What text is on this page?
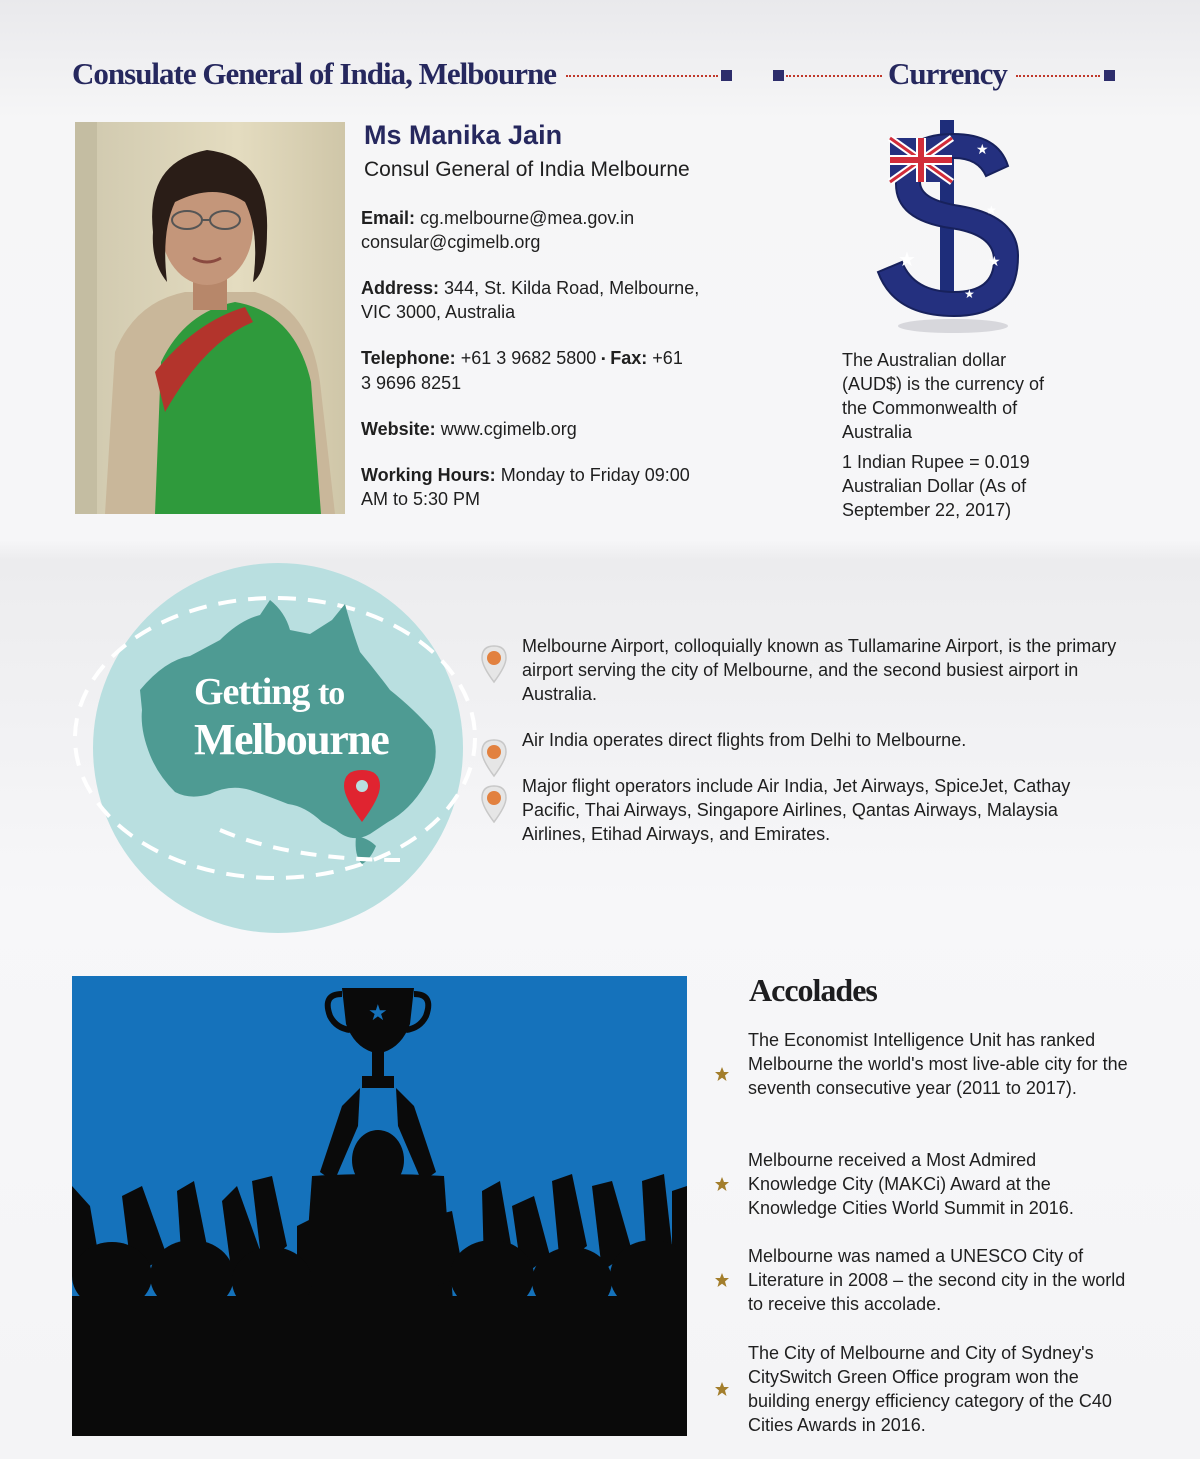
Consulate General of India, Melbourne	Currency
Ms Manika Jain
Consul General of India Melbourne

Email: cg.melbourne@mea.gov.in
consular@cgimelb.org

Address: 344, St. Kilda Road, Melbourne,
VIC 3000, Australia

Telephone: +61 3 9682 5800 ▪ Fax: +61
3 9696 8251

Website: www.cgimelb.org

Working Hours: Monday to Friday 09:00
AM to 5:30 PM

★
★
★
★
★
The Australian dollar (AUD$) is the currency of the Commonwealth of Australia
1 Indian Rupee = 0.019 Australian Dollar (As of September 22, 2017)
Getting to
Melbourne
Melbourne Airport, colloquially known as Tullamarine Airport, is the primary airport serving the city of Melbourne, and the second busiest airport in Australia.
Air India operates direct flights from Delhi to Melbourne.
Major flight operators include Air India, Jet Airways, SpiceJet, Cathay Pacific, Thai Airways, Singapore Airlines, Qantas Airways, Malaysia Airlines, Etihad Airways, and Emirates.
★
Accolades
The Economist Intelligence Unit has ranked Melbourne the world's most live-able city for the seventh consecutive year (2011 to 2017).
Melbourne received a Most Admired Knowledge City (MAKCi) Award at the Knowledge Cities World Summit in 2016.
Melbourne was named a UNESCO City of Literature in 2008 – the second city in the world to receive this accolade.
The City of Melbourne and City of Sydney's CitySwitch Green Office program won the building energy efficiency category of the C40 Cities Awards in 2016.
